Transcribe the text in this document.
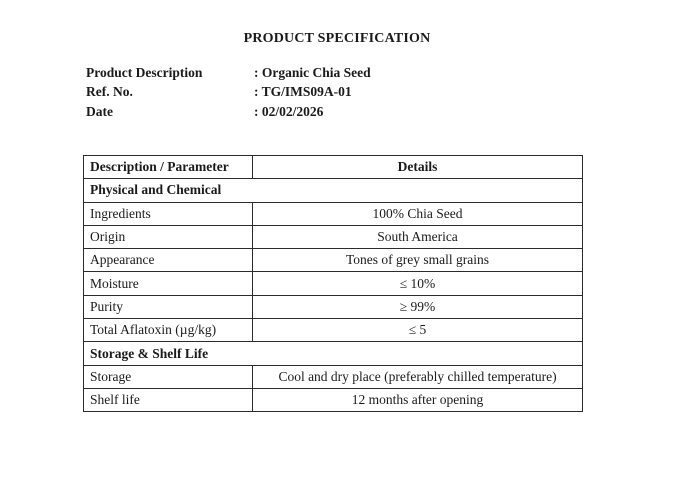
PRODUCT SPECIFICATION
Product Description	: Organic Chia Seed
Ref. No.	: TG/IMS09A-01
Date	: 02/02/2026
Description / Parameter	Details
Physical and Chemical	
Ingredients	100% Chia Seed
Origin	South America
Appearance	Tones of grey small grains
Moisture	≤ 10%
Purity	≥ 99%
Total Aflatoxin (µg/kg)	≤ 5
Storage & Shelf Life	
Storage	Cool and dry place (preferably chilled temperature)
Shelf life	12 months after opening
